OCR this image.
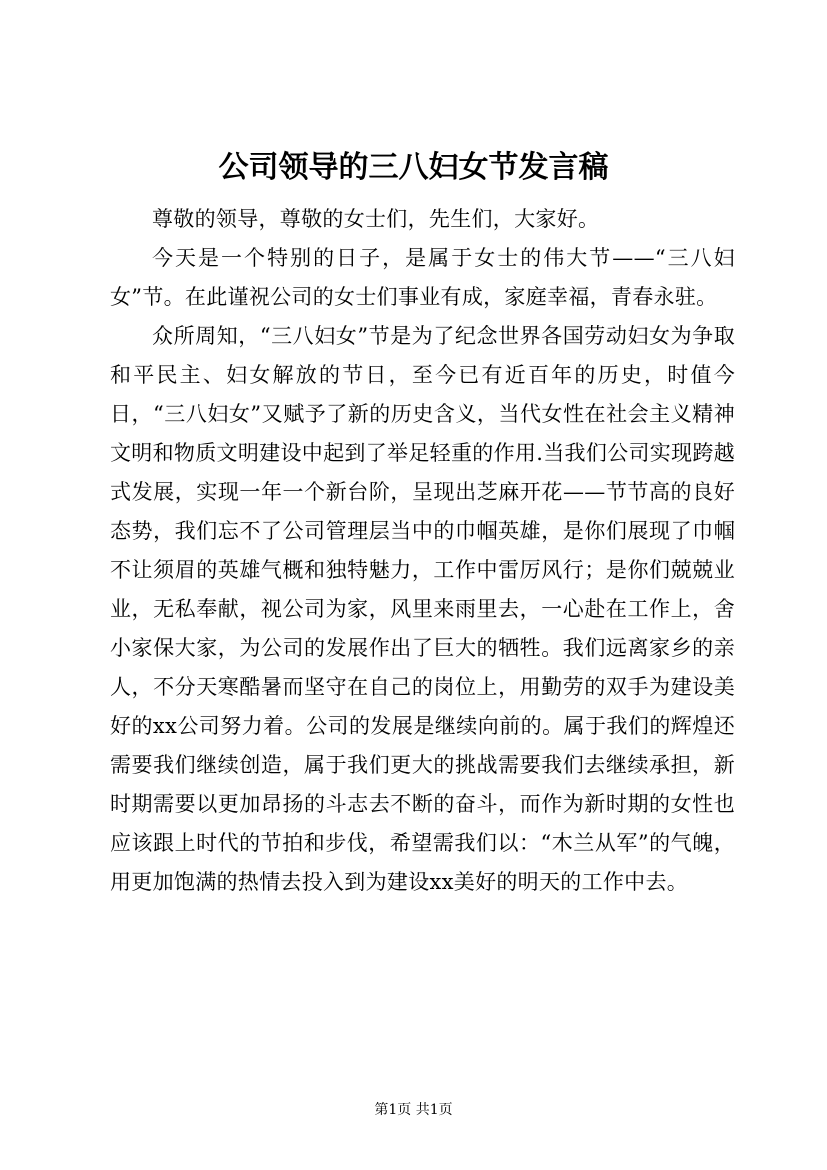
公司领导的三八妇女节发言稿

尊敬的领导，尊敬的女士们，先生们，大家好。

今天是一个特别的日子，是属于女士的伟大节——“三八妇女”节。在此谨祝公司的女士们事业有成，家庭幸福，青春永驻。

众所周知，“三八妇女”节是为了纪念世界各国劳动妇女为争取和平民主、妇女解放的节日，至今已有近百年的历史，时值今日，“三八妇女”又赋予了新的历史含义，当代女性在社会主义精神文明和物质文明建设中起到了举足轻重的作用.当我们公司实现跨越式发展，实现一年一个新台阶，呈现出芝麻开花——节节高的良好态势，我们忘不了公司管理层当中的巾帼英雄，是你们展现了巾帼不让须眉的英雄气概和独特魅力，工作中雷厉风行；是你们兢兢业业，无私奉献，视公司为家，风里来雨里去，一心赴在工作上，舍小家保大家，为公司的发展作出了巨大的牺牲。我们远离家乡的亲人，不分天寒酷暑而坚守在自己的岗位上，用勤劳的双手为建设美好的xx公司努力着。公司的发展是继续向前的。属于我们的辉煌还需要我们继续创造，属于我们更大的挑战需要我们去继续承担，新时期需要以更加昂扬的斗志去不断的奋斗，而作为新时期的女性也应该跟上时代的节拍和步伐，希望需我们以：“木兰从军”的气魄，用更加饱满的热情去投入到为建设xx美好的明天的工作中去。

第1页 共1页
